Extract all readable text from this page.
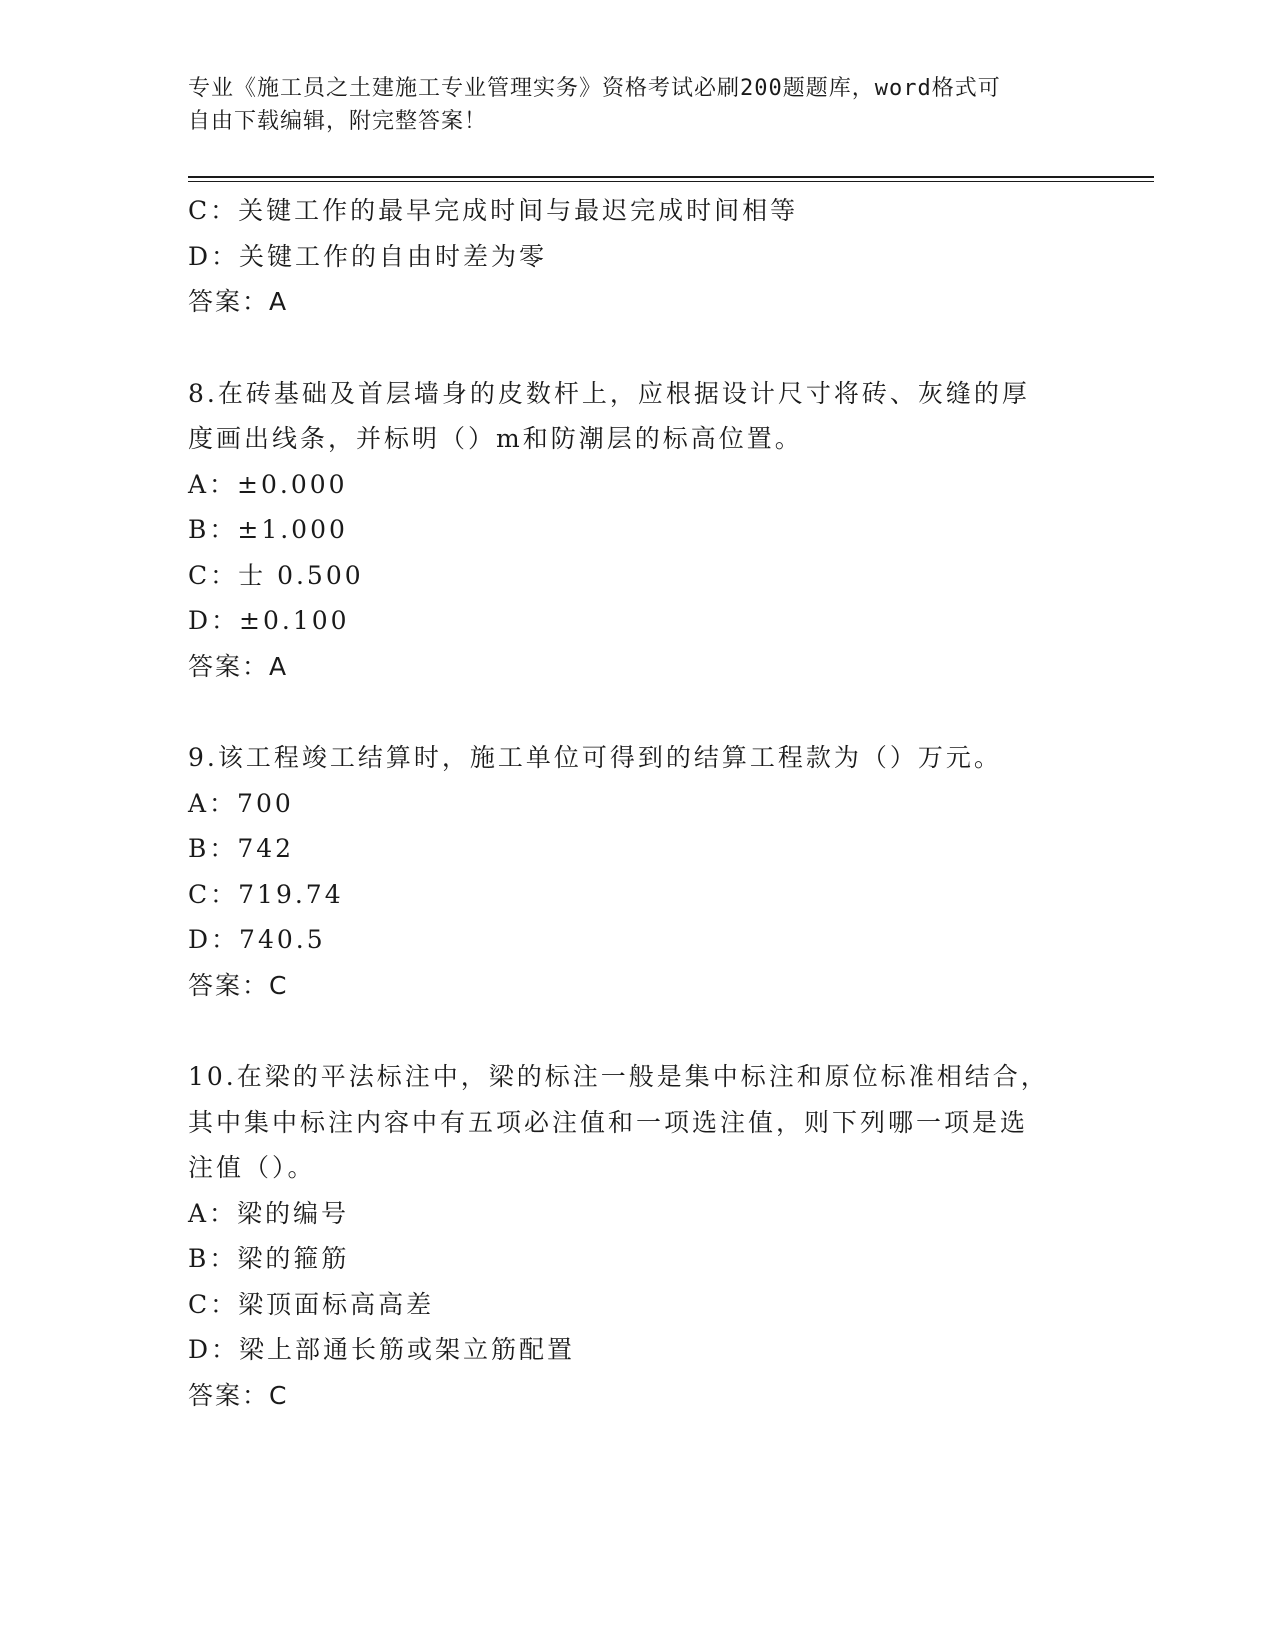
专业《施工员之土建施工专业管理实务》资格考试必刷200题题库，word格式可
自由下载编辑，附完整答案！
C：关键工作的最早完成时间与最迟完成时间相等
D：关键工作的自由时差为零
答案：A
8.在砖基础及首层墙身的皮数杆上，应根据设计尺寸将砖、灰缝的厚
度画出线条，并标明（）m和防潮层的标高位置。
A：±0.000
B：±1.000
C：士 0.500
D：±0.100
答案：A
9.该工程竣工结算时，施工单位可得到的结算工程款为（）万元。
A：700
B：742
C：719.74
D：740.5
答案：C
10.在梁的平法标注中，梁的标注一般是集中标注和原位标准相结合，
其中集中标注内容中有五项必注值和一项选注值，则下列哪一项是选
注值（）。
A：梁的编号
B：梁的箍筋
C：梁顶面标高高差
D：梁上部通长筋或架立筋配置
答案：C
